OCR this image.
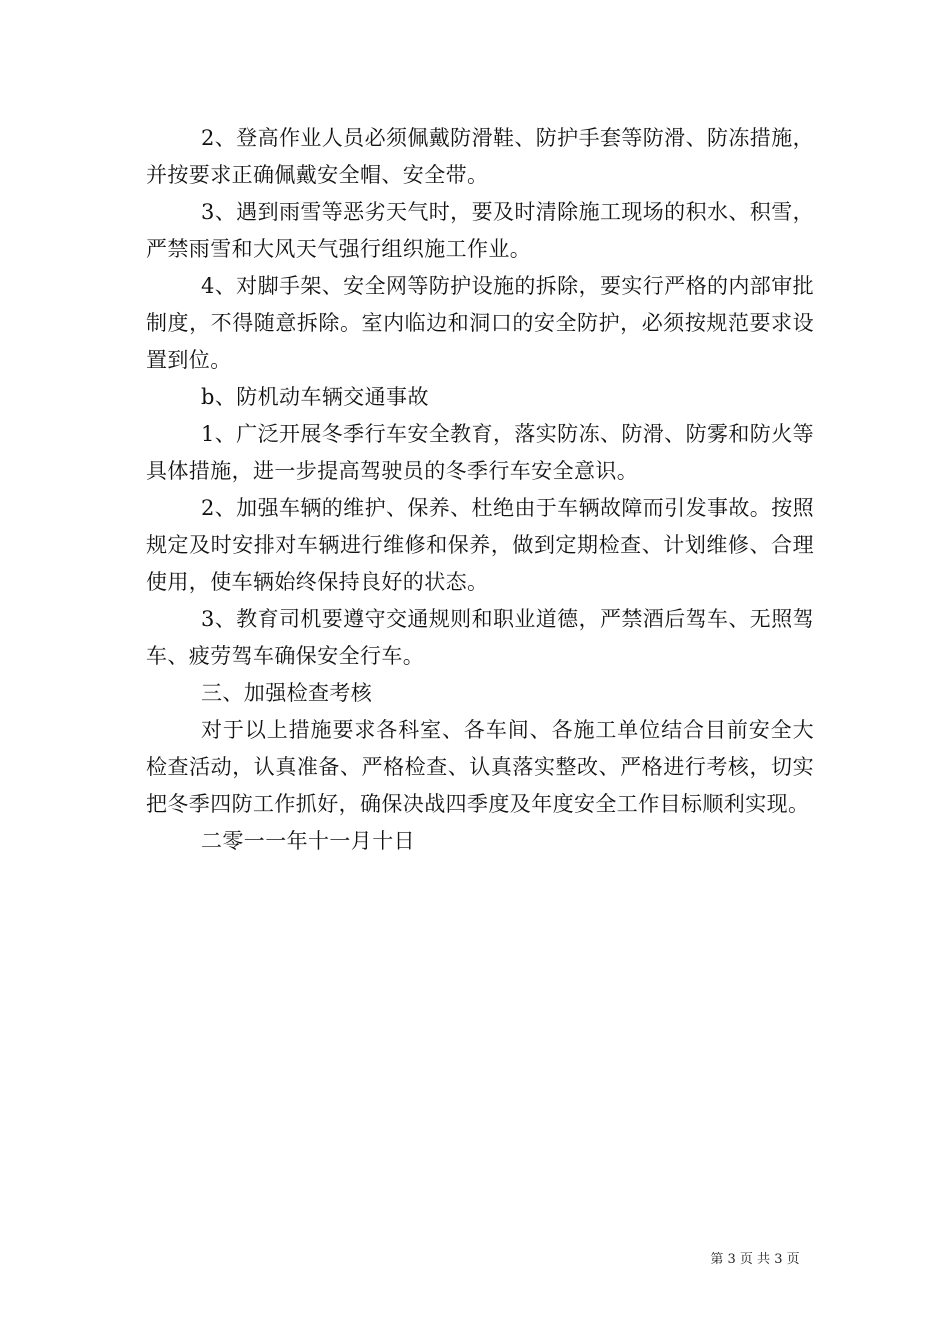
2、登高作业人员必须佩戴防滑鞋、防护手套等防滑、防冻措施，并按要求正确佩戴安全帽、安全带。

3、遇到雨雪等恶劣天气时，要及时清除施工现场的积水、积雪，严禁雨雪和大风天气强行组织施工作业。

4、对脚手架、安全网等防护设施的拆除，要实行严格的内部审批制度，不得随意拆除。室内临边和洞口的安全防护，必须按规范要求设置到位。

b、防机动车辆交通事故

1、广泛开展冬季行车安全教育，落实防冻、防滑、防雾和防火等具体措施，进一步提高驾驶员的冬季行车安全意识。

2、加强车辆的维护、保养、杜绝由于车辆故障而引发事故。按照规定及时安排对车辆进行维修和保养，做到定期检查、计划维修、合理使用，使车辆始终保持良好的状态。

3、教育司机要遵守交通规则和职业道德，严禁酒后驾车、无照驾车、疲劳驾车确保安全行车。

三、加强检查考核

对于以上措施要求各科室、各车间、各施工单位结合目前安全大检查活动，认真准备、严格检查、认真落实整改、严格进行考核，切实把冬季四防工作抓好，确保决战四季度及年度安全工作目标顺利实现。

二零一一年十一月十日

第 3 页 共 3 页
